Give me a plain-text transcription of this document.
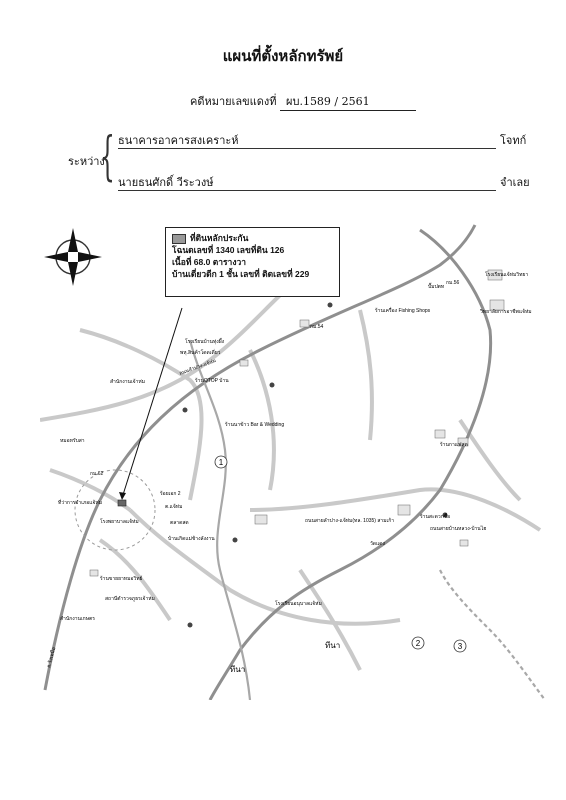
แผนที่ตั้งหลักทรัพย์
คดีหมายเลขแดงที่ ผบ.1589 / 2561
ระหว่าง
{ ธนาคารอาคารสงเคราะห์	โจทก์
นายธนศักดิ์ วีระวงษ์	จำเลย
1
2	3
N
ร้านเครื่อง Fishing Shops	วิทยาลัยการอาชีพแจ้ห่ม
โรงเรียนแจ้ห่มวิทยา
ปั๊มปตท
กม.56
กม.54
ร้านOTOP บ้าน
โรงเรียนบ้านทุ่งผึ้ง
พหุ.สินค้าโดดเดี่ยว
สำนักงานเจ้าห่ม
หมอหรับสา
ร้านนาข้าว Bar & Wedding
โรงพยาบาลแจ้ห่ม
กม.62
ที่ว่าการอำเภอแจ้ห่ม
บ้านเกิดแม่ช้างลังงาน
ถนนสายลำปาง-แจ้ห่ม(ทล. 1035) สามเก้า
ถนนสายบ้านหลวง-บ้านไฮ
สถานีตำรวจภูธรเจ้าห่ม
โรงเรียนอนุบาลแจ้ห่ม
ทีนา
ทีนา
วัดแดง
สำนักงานเกษตร
ร้านขายยาหมอวิทย์
ร้านกาแฟสด
ร้อยเอก 2
ต.แจ้ห่ม
ตลาดสด
ร้านสะดวกซื้อ
ถ.วังเหนือ
ถนนลำปาง-แจ้ห่ม
ที่ดินหลักประกัน
โฉนดเลขที่ 1340 เลขที่ดิน 126
เนื้อที่ 68.0 ตารางวา
บ้านเดี่ยวดีก 1 ชั้น เลขที่ ติดเลขที่ 229
